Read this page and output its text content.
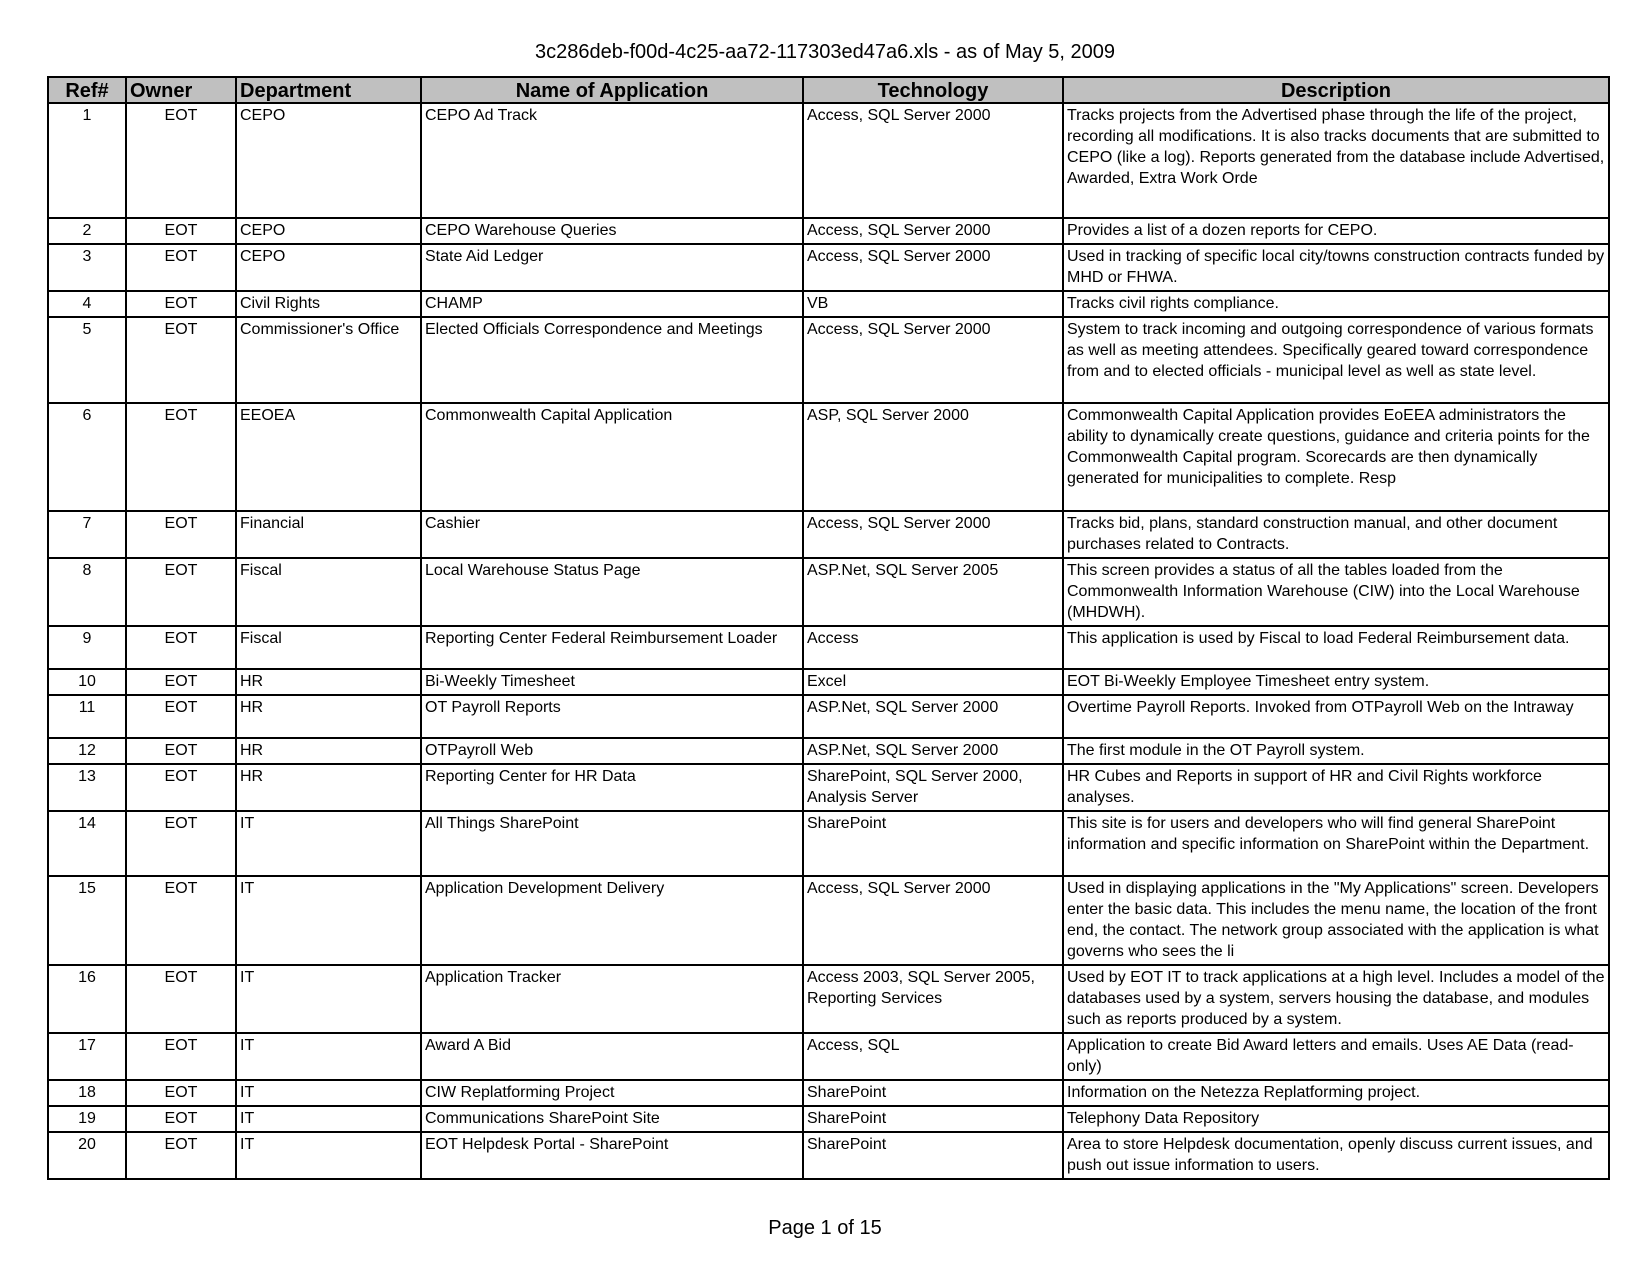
3c286deb-f00d-4c25-aa72-117303ed47a6.xls - as of May 5, 2009
Ref#	Owner	Department	Name of Application	Technology	Description
1	EOT	CEPO	CEPO Ad Track	Access, SQL Server 2000	Tracks projects from the Advertised phase through the life of the project, recording all modifications. It is also tracks documents that are submitted to CEPO (like a log). Reports generated from the database include Advertised, Awarded, Extra Work Orde
2	EOT	CEPO	CEPO Warehouse Queries	Access, SQL Server 2000	Provides a list of a dozen reports for CEPO.
3	EOT	CEPO	State Aid Ledger	Access, SQL Server 2000	Used in tracking of specific local city/towns construction contracts funded by MHD or FHWA.
4	EOT	Civil Rights	CHAMP	VB	Tracks civil rights compliance.
5	EOT	Commissioner's Office	Elected Officials Correspondence and Meetings	Access, SQL Server 2000	System to track incoming and outgoing correspondence of various formats as well as meeting attendees. Specifically geared toward correspondence from and to elected officials - municipal level as well as state level.
6	EOT	EEOEA	Commonwealth Capital Application	ASP, SQL Server 2000	Commonwealth Capital Application provides EoEEA administrators the ability to dynamically create questions, guidance and criteria points for the Commonwealth Capital program. Scorecards are then dynamically generated for municipalities to complete. Resp
7	EOT	Financial	Cashier	Access, SQL Server 2000	Tracks bid, plans, standard construction manual, and other document purchases related to Contracts.
8	EOT	Fiscal	Local Warehouse Status Page	ASP.Net, SQL Server 2005	This screen provides a status of all the tables loaded from the Commonwealth Information Warehouse (CIW) into the Local Warehouse (MHDWH).
9	EOT	Fiscal	Reporting Center Federal Reimbursement Loader	Access	This application is used by Fiscal to load Federal Reimbursement data.
10	EOT	HR	Bi-Weekly Timesheet	Excel	EOT Bi-Weekly Employee Timesheet entry system.
11	EOT	HR	OT Payroll Reports	ASP.Net, SQL Server 2000	Overtime Payroll Reports. Invoked from OTPayroll Web on the Intraway
12	EOT	HR	OTPayroll Web	ASP.Net, SQL Server 2000	The first module in the OT Payroll system.
13	EOT	HR	Reporting Center for HR Data	SharePoint, SQL Server 2000, Analysis Server	HR Cubes and Reports in support of HR and Civil Rights workforce analyses.
14	EOT	IT	All Things SharePoint	SharePoint	This site is for users and developers who will find general SharePoint information and specific information on SharePoint within the Department.
15	EOT	IT	Application Development Delivery	Access, SQL Server 2000	Used in displaying applications in the "My Applications" screen. Developers enter the basic data. This includes the menu name, the location of the front end, the contact. The network group associated with the application is what governs who sees the li
16	EOT	IT	Application Tracker	Access 2003, SQL Server 2005, Reporting Services	Used by EOT IT to track applications at a high level. Includes a model of the databases used by a system, servers housing the database, and modules such as reports produced by a system.
17	EOT	IT	Award A Bid	Access, SQL	Application to create Bid Award letters and emails. Uses AE Data (read-only)
18	EOT	IT	CIW Replatforming Project	SharePoint	Information on the Netezza Replatforming project.
19	EOT	IT	Communications SharePoint Site	SharePoint	Telephony Data Repository
20	EOT	IT	EOT Helpdesk Portal - SharePoint	SharePoint	Area to store Helpdesk documentation, openly discuss current issues, and push out issue information to users.
Page 1 of 15
